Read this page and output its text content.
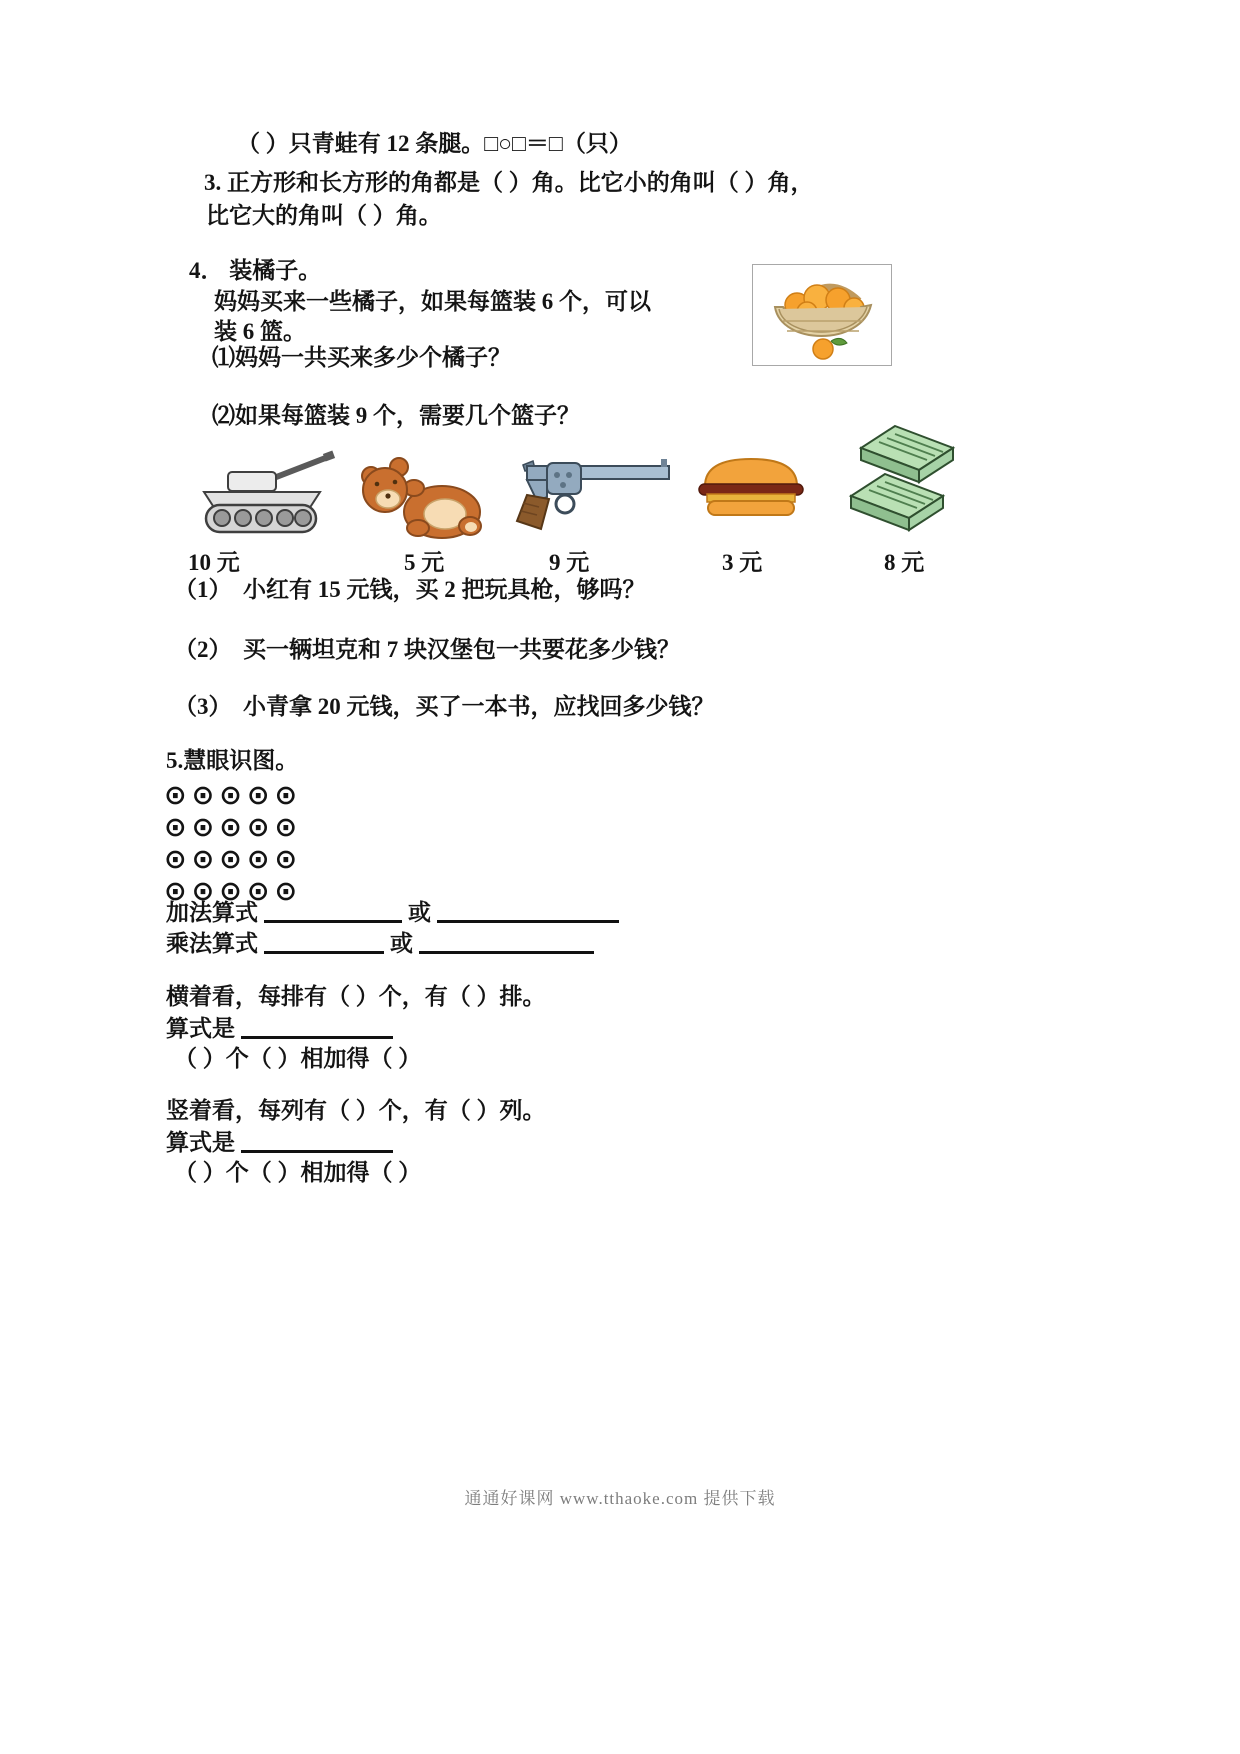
（ ）只青蛙有 12 条腿。□○□＝□（只）
3. 正方形和长方形的角都是（ ）角。比它小的角叫（ ）角，
比它大的角叫（ ）角。
4． 装橘子。
妈妈买来一些橘子，如果每篮装 6 个，可以
装 6 篮。
⑴妈妈一共买来多少个橘子？
⑵如果每篮装 9 个，需要几个篮子？
10 元	5 元	9 元	3 元	8 元
（1）　小红有 15 元钱，买 2 把玩具枪，够吗？
（2）　买一辆坦克和 7 块汉堡包一共要花多少钱？
（3）　小青拿 20 元钱，买了一本书，应找回多少钱？
5.慧眼识图。
⊙⊙⊙⊙⊙
⊙⊙⊙⊙⊙
⊙⊙⊙⊙⊙
⊙⊙⊙⊙⊙
加法算式	或
乘法算式	或
横着看，每排有（ ）个，有（ ）排。
算式是
（ ）个（ ）相加得（ ）
竖着看，每列有（ ）个，有（ ）列。
算式是
（ ）个（ ）相加得（ ）
通通好课网 www.tthaoke.com 提供下载
